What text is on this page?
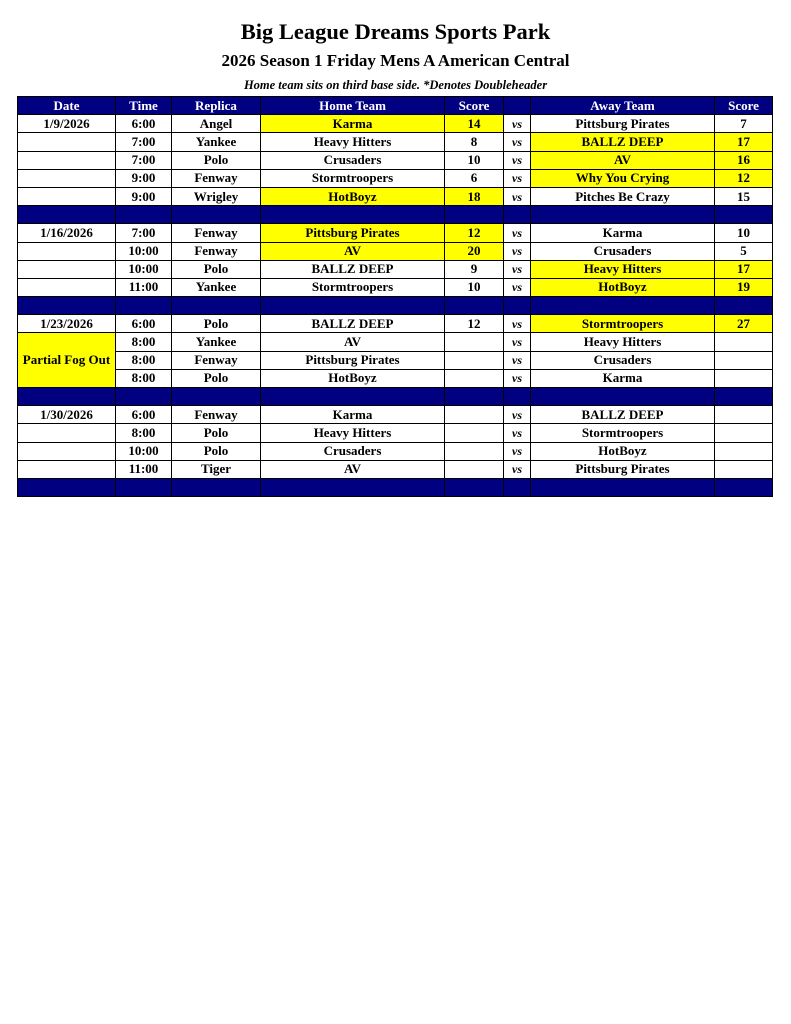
Big League Dreams Sports Park
2026 Season 1 Friday Mens A American Central
Home team sits on third base side. *Denotes Doubleheader
Date	Time	Replica	Home Team	Score		Away Team	Score
1/9/2026	6:00	Angel	Karma	14	vs	Pittsburg Pirates	7
	7:00	Yankee	Heavy Hitters	8	vs	BALLZ DEEP	17
	7:00	Polo	Crusaders	10	vs	AV	16
	9:00	Fenway	Stormtroopers	6	vs	Why You Crying	12
	9:00	Wrigley	HotBoyz	18	vs	Pitches Be Crazy	15

1/16/2026	7:00	Fenway	Pittsburg Pirates	12	vs	Karma	10
	10:00	Fenway	AV	20	vs	Crusaders	5
	10:00	Polo	BALLZ DEEP	9	vs	Heavy Hitters	17
	11:00	Yankee	Stormtroopers	10	vs	HotBoyz	19

1/23/2026	6:00	Polo	BALLZ DEEP	12	vs	Stormtroopers	27
Partial Fog Out	8:00	Yankee	AV		vs	Heavy Hitters	
	8:00	Fenway	Pittsburg Pirates		vs	Crusaders	
	8:00	Polo	HotBoyz		vs	Karma	

1/30/2026	6:00	Fenway	Karma		vs	BALLZ DEEP	
	8:00	Polo	Heavy Hitters		vs	Stormtroopers	
	10:00	Polo	Crusaders		vs	HotBoyz	
	11:00	Tiger	AV		vs	Pittsburg Pirates	
